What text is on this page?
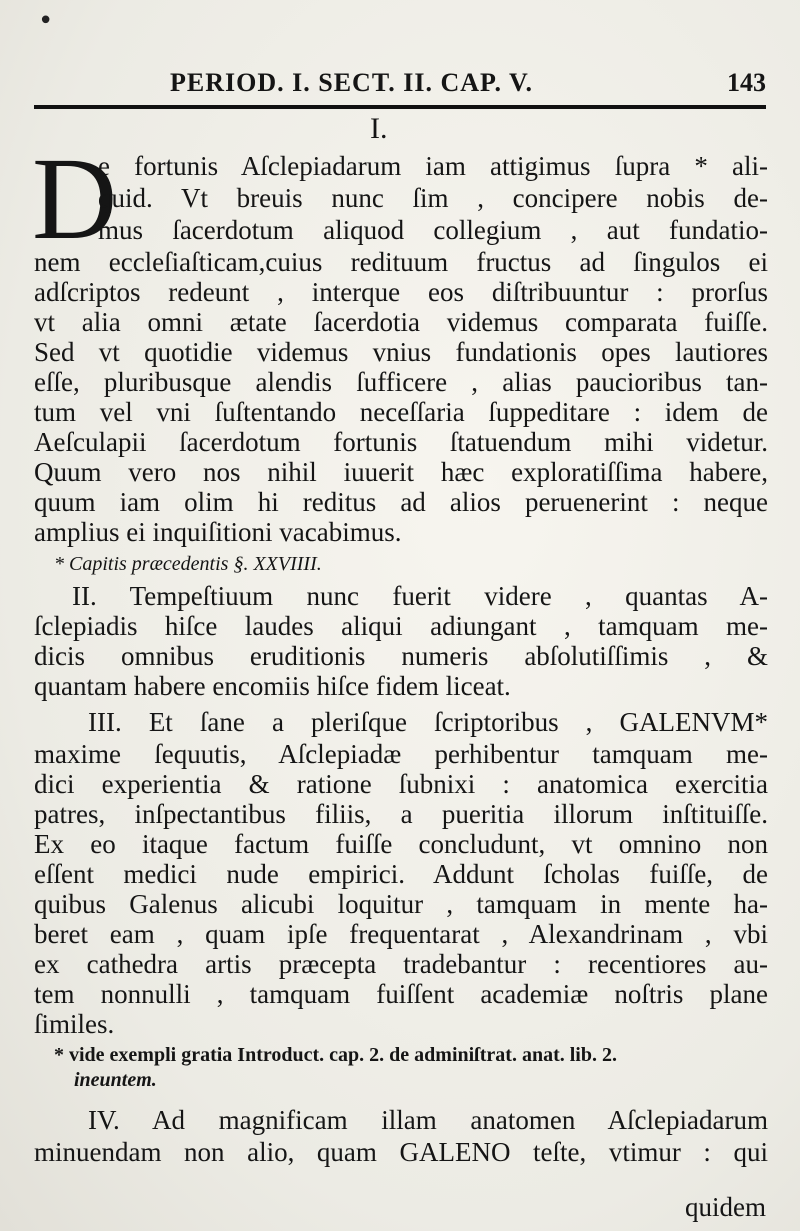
•
PERIOD. I. SECT. II. CAP. V.	143
I.
D
e fortunis Aſclepiadarum iam attigimus ſupra * ali-
quid. Vt breuis nunc ſim , concipere nobis de-
mus ſacerdotum aliquod collegium , aut fundatio-
nem eccleſiaſticam,cuius redituum fructus ad ſingulos ei
adſcriptos redeunt , interque eos diſtribuuntur : prorſus
vt alia omni ætate ſacerdotia videmus comparata fuiſſe.
Sed vt quotidie videmus vnius fundationis opes lautiores
eſſe, pluribusque alendis ſufficere , alias paucioribus tan-
tum vel vni ſuſtentando neceſſaria ſuppeditare : idem de
Aeſculapii ſacerdotum fortunis ſtatuendum mihi videtur.
Quum vero nos nihil iuuerit hæc exploratiſſima habere,
quum iam olim hi reditus ad alios peruenerint : neque
amplius ei inquiſitioni vacabimus.
* Capitis præcedentis §. XXVIIII.
II. Tempeſtiuum nunc fuerit videre , quantas A-
ſclepiadis hiſce laudes aliqui adiungant , tamquam me-
dicis omnibus eruditionis numeris abſolutiſſimis , &
quantam habere encomiis hiſce fidem liceat.
III. Et ſane a pleriſque ſcriptoribus , GALENVM*
maxime ſequutis, Aſclepiadæ perhibentur tamquam me-
dici experientia & ratione ſubnixi : anatomica exercitia
patres, inſpectantibus filiis, a pueritia illorum inſtituiſſe.
Ex eo itaque factum fuiſſe concludunt, vt omnino non
eſſent medici nude empirici. Addunt ſcholas fuiſſe, de
quibus Galenus alicubi loquitur , tamquam in mente ha-
beret eam , quam ipſe frequentarat , Alexandrinam , vbi
ex cathedra artis præcepta tradebantur : recentiores au-
tem nonnulli , tamquam fuiſſent academiæ noſtris plane
ſimiles.
* vide exempli gratia Introduct. cap. 2. de adminiſtrat. anat. lib. 2.
ineuntem.
IV. Ad magnificam illam anatomen Aſclepiadarum
minuendam non alio, quam GALENO teſte, vtimur : qui
quidem
